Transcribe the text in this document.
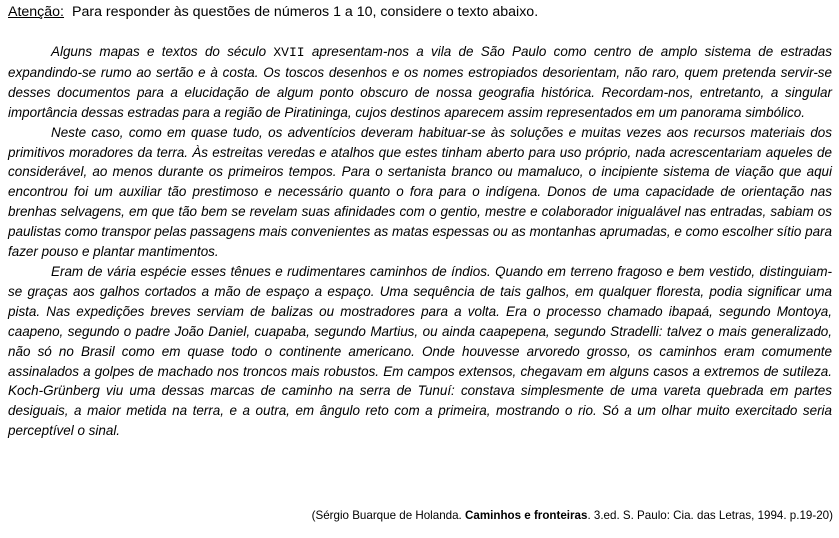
Atenção: Para responder às questões de números 1 a 10, considere o texto abaixo.

Alguns mapas e textos do século XVII apresentam-nos a vila de São Paulo como centro de amplo sistema de estradas expandindo-se rumo ao sertão e à costa. Os toscos desenhos e os nomes estropiados desorientam, não raro, quem pretenda servir-se desses documentos para a elucidação de algum ponto obscuro de nossa geografia histórica. Recordam-nos, entretanto, a singular importância dessas estradas para a região de Piratininga, cujos destinos aparecem assim representados em um panorama simbólico.

Neste caso, como em quase tudo, os adventícios deveram habituar-se às soluções e muitas vezes aos recursos materiais dos primitivos moradores da terra. Às estreitas veredas e atalhos que estes tinham aberto para uso próprio, nada acrescentariam aqueles de considerável, ao menos durante os primeiros tempos. Para o sertanista branco ou mamaluco, o incipiente sistema de viação que aqui encontrou foi um auxiliar tão prestimoso e necessário quanto o fora para o indígena. Donos de uma capacidade de orientação nas brenhas selvagens, em que tão bem se revelam suas afinidades com o gentio, mestre e colaborador inigualável nas entradas, sabiam os paulistas como transpor pelas passagens mais convenientes as matas espessas ou as montanhas aprumadas, e como escolher sítio para fazer pouso e plantar mantimentos.

Eram de vária espécie esses tênues e rudimentares caminhos de índios. Quando em terreno fragoso e bem vestido, distinguiam-se graças aos galhos cortados a mão de espaço a espaço. Uma sequência de tais galhos, em qualquer floresta, podia significar uma pista. Nas expedições breves serviam de balizas ou mostradores para a volta. Era o processo chamado ibapaá, segundo Montoya, caapeno, segundo o padre João Daniel, cuapaba, segundo Martius, ou ainda caapepena, segundo Stradelli: talvez o mais generalizado, não só no Brasil como em quase todo o continente americano. Onde houvesse arvoredo grosso, os caminhos eram comumente assinalados a golpes de machado nos troncos mais robustos. Em campos extensos, chegavam em alguns casos a extremos de sutileza. Koch-Grünberg viu uma dessas marcas de caminho na serra de Tunuí: constava simplesmente de uma vareta quebrada em partes desiguais, a maior metida na terra, e a outra, em ângulo reto com a primeira, mostrando o rio. Só a um olhar muito exercitado seria perceptível o sinal.

(Sérgio Buarque de Holanda. Caminhos e fronteiras. 3.ed. S. Paulo: Cia. das Letras, 1994. p.19-20)
